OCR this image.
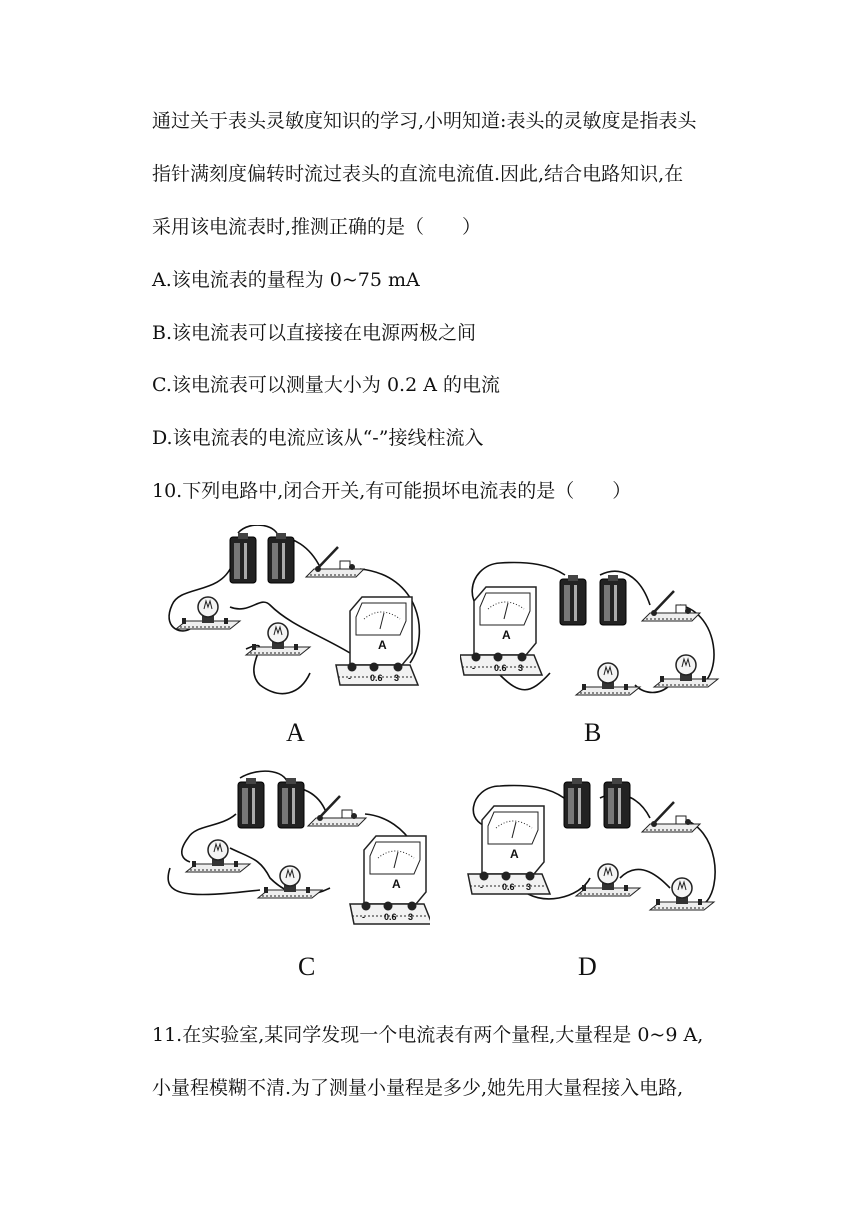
通过关于表头灵敏度知识的学习,小明知道:表头的灵敏度是指表头
指针满刻度偏转时流过表头的直流电流值.因此,结合电路知识,在
采用该电流表时,推测正确的是（　　）
A.该电流表的量程为 0~75 mA
B.该电流表可以直接接在电源两极之间
C.该电流表可以测量大小为 0.2 A 的电流
D.该电流表的电流应该从“-”接线柱流入
10.下列电路中,闭合开关,有可能损坏电流表的是（　　）
A
- 0.6 3
A
A
- 0.6 3
B
A
- 0.6 3
C
A
- 0.6 3
D
11.在实验室,某同学发现一个电流表有两个量程,大量程是 0~9 A,
小量程模糊不清.为了测量小量程是多少,她先用大量程接入电路,
